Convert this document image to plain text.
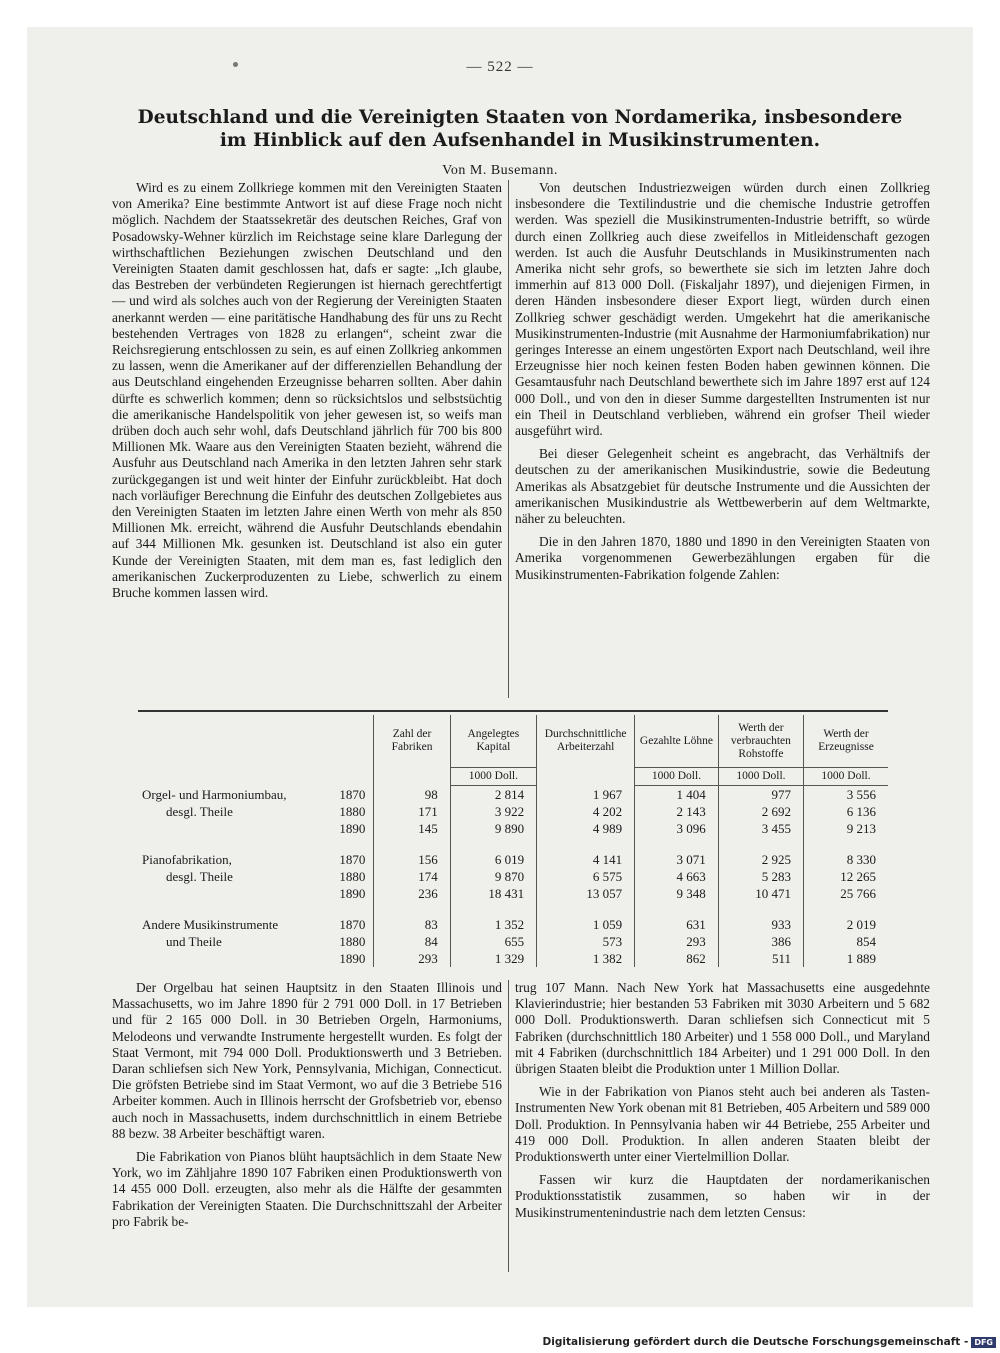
— 522 —
Deutschland und die Vereinigten Staaten von Nordamerika, insbesondere
im Hinblick auf den Aufsenhandel in Musikinstrumenten.
Von M. Busemann.

Wird es zu einem Zollkriege kommen mit den Vereinigten Staaten von Amerika? Eine bestimmte Antwort ist auf diese Frage noch nicht möglich. Nachdem der Staatssekretär des deutschen Reiches, Graf von Posadowsky-Wehner kürzlich im Reichstage seine klare Darlegung der wirthschaftlichen Beziehungen zwischen Deutschland und den Vereinigten Staaten damit geschlossen hat, dafs er sagte: „Ich glaube, das Bestreben der verbündeten Regierungen ist hiernach gerechtfertigt — und wird als solches auch von der Regierung der Vereinigten Staaten anerkannt werden — eine paritätische Handhabung des für uns zu Recht bestehenden Vertrages von 1828 zu erlangen“, scheint zwar die Reichsregierung entschlossen zu sein, es auf einen Zollkrieg ankommen zu lassen, wenn die Amerikaner auf der differenziellen Behandlung der aus Deutschland eingehenden Erzeugnisse beharren sollten. Aber dahin dürfte es schwerlich kommen; denn so rücksichtslos und selbstsüchtig die amerikanische Handelspolitik von jeher gewesen ist, so weifs man drüben doch auch sehr wohl, dafs Deutschland jährlich für 700 bis 800 Millionen Mk. Waare aus den Vereinigten Staaten bezieht, während die Ausfuhr aus Deutschland nach Amerika in den letzten Jahren sehr stark zurückgegangen ist und weit hinter der Einfuhr zurückbleibt. Hat doch nach vorläufiger Berechnung die Einfuhr des deutschen Zollgebietes aus den Vereinigten Staaten im letzten Jahre einen Werth von mehr als 850 Millionen Mk. erreicht, während die Ausfuhr Deutschlands ebendahin auf 344 Millionen Mk. gesunken ist. Deutschland ist also ein guter Kunde der Vereinigten Staaten, mit dem man es, fast lediglich den amerikanischen Zuckerproduzenten zu Liebe, schwerlich zu einem Bruche kommen lassen wird.

Von deutschen Industriezweigen würden durch einen Zollkrieg insbesondere die Textilindustrie und die chemische Industrie getroffen werden. Was speziell die Musikinstrumenten-Industrie betrifft, so würde durch einen Zollkrieg auch diese zweifellos in Mitleidenschaft gezogen werden. Ist auch die Ausfuhr Deutschlands in Musikinstrumenten nach Amerika nicht sehr grofs, so bewerthete sie sich im letzten Jahre doch immerhin auf 813 000 Doll. (Fiskaljahr 1897), und diejenigen Firmen, in deren Händen insbesondere dieser Export liegt, würden durch einen Zollkrieg schwer geschädigt werden. Umgekehrt hat die amerikanische Musikinstrumenten-Industrie (mit Ausnahme der Harmoniumfabrikation) nur geringes Interesse an einem ungestörten Export nach Deutschland, weil ihre Erzeugnisse hier noch keinen festen Boden haben gewinnen können. Die Gesamtausfuhr nach Deutschland bewerthete sich im Jahre 1897 erst auf 124 000 Doll., und von den in dieser Summe dargestellten Instrumenten ist nur ein Theil in Deutschland verblieben, während ein grofser Theil wieder ausgeführt wird.

Bei dieser Gelegenheit scheint es angebracht, das Verhältnifs der deutschen zu der amerikanischen Musikindustrie, sowie die Bedeutung Amerikas als Absatzgebiet für deutsche Instrumente und die Aussichten der amerikanischen Musikindustrie als Wettbewerberin auf dem Weltmarkte, näher zu beleuchten.

Die in den Jahren 1870, 1880 und 1890 in den Vereinigten Staaten von Amerika vorgenommenen Gewerbezählungen ergaben für die Musikinstrumenten-Fabrikation folgende Zahlen:

		Zahl der Fabriken	Angelegtes Kapital	Durchschnittliche Arbeiterzahl	Gezahlte Löhne	Werth der verbrauchten Rohstoffe	Werth der Erzeugnisse
			1000 Doll.		1000 Doll.	1000 Doll.	1000 Doll.
Orgel- und Harmoniumbau,	1870	98	2 814	1 967	1 404	977	3 556
desgl. Theile	1880	171	3 922	4 202	2 143	2 692	6 136
	1890	145	9 890	4 989	3 096	3 455	9 213

Pianofabrikation,	1870	156	6 019	4 141	3 071	2 925	8 330
desgl. Theile	1880	174	9 870	6 575	4 663	5 283	12 265
	1890	236	18 431	13 057	9 348	10 471	25 766

Andere Musikinstrumente	1870	83	1 352	1 059	631	933	2 019
und Theile	1880	84	655	573	293	386	854
	1890	293	1 329	1 382	862	511	1 889

Der Orgelbau hat seinen Hauptsitz in den Staaten Illinois und Massachusetts, wo im Jahre 1890 für 2 791 000 Doll. in 17 Betrieben und für 2 165 000 Doll. in 30 Betrieben Orgeln, Harmoniums, Melodeons und verwandte Instrumente hergestellt wurden. Es folgt der Staat Vermont, mit 794 000 Doll. Produktionswerth und 3 Betrieben. Daran schliefsen sich New York, Pennsylvania, Michigan, Connecticut. Die gröfsten Betriebe sind im Staat Vermont, wo auf die 3 Betriebe 516 Arbeiter kommen. Auch in Illinois herrscht der Grofsbetrieb vor, ebenso auch noch in Massachusetts, indem durchschnittlich in einem Betriebe 88 bezw. 38 Arbeiter beschäftigt waren.

Die Fabrikation von Pianos blüht hauptsächlich in dem Staate New York, wo im Zähljahre 1890 107 Fabriken einen Produktionswerth von 14 455 000 Doll. erzeugten, also mehr als die Hälfte der gesammten Fabrikation der Vereinigten Staaten. Die Durchschnittszahl der Arbeiter pro Fabrik be-

trug 107 Mann. Nach New York hat Massachusetts eine ausgedehnte Klavierindustrie; hier bestanden 53 Fabriken mit 3030 Arbeitern und 5 682 000 Doll. Produktionswerth. Daran schliefsen sich Connecticut mit 5 Fabriken (durchschnittlich 180 Arbeiter) und 1 558 000 Doll., und Maryland mit 4 Fabriken (durchschnittlich 184 Arbeiter) und 1 291 000 Doll. In den übrigen Staaten bleibt die Produktion unter 1 Million Dollar.

Wie in der Fabrikation von Pianos steht auch bei anderen als Tasten-Instrumenten New York obenan mit 81 Betrieben, 405 Arbeitern und 589 000 Doll. Produktion. In Pennsylvania haben wir 44 Betriebe, 255 Arbeiter und 419 000 Doll. Produktion. In allen anderen Staaten bleibt der Produktionswerth unter einer Viertelmillion Dollar.

Fassen wir kurz die Hauptdaten der nordamerikanischen Produktionsstatistik zusammen, so haben wir in der Musikinstrumentenindustrie nach dem letzten Census:

Digitalisierung gefördert durch die Deutsche Forschungsgemeinschaft - DFG
